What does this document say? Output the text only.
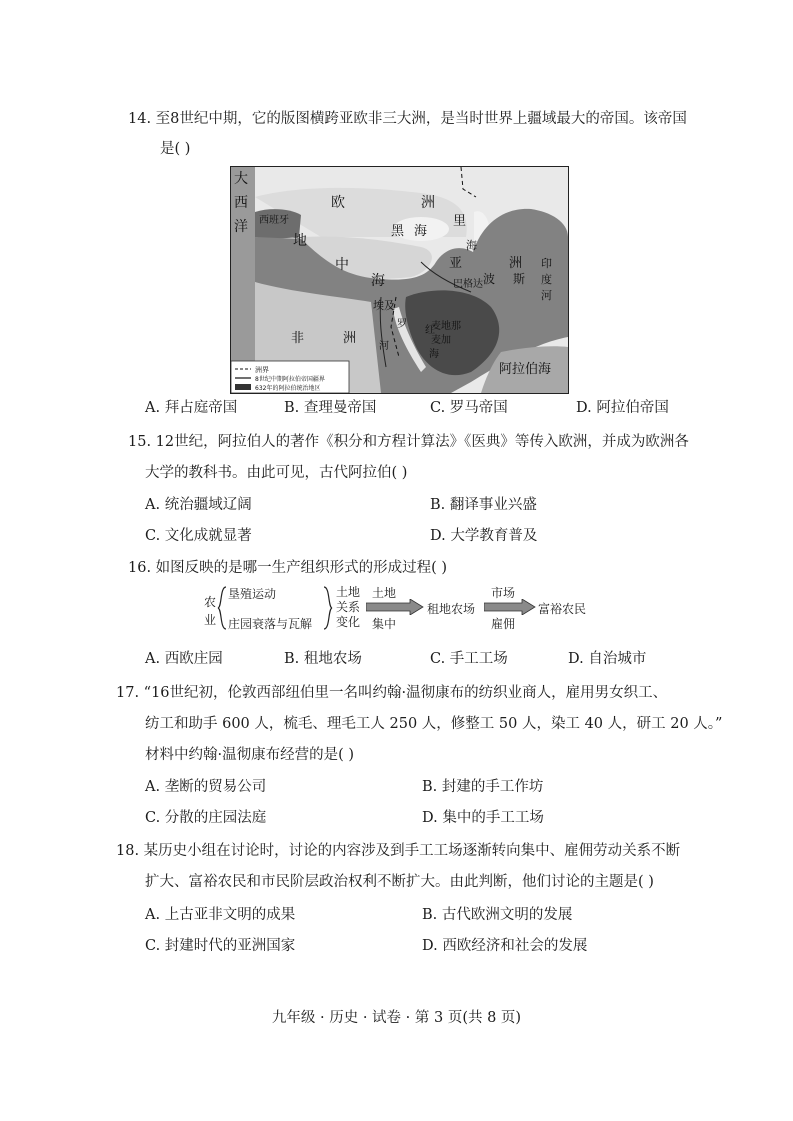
14. 至8世纪中期，它的版图横跨亚欧非三大洲，是当时世界上疆域最大的帝国。该帝国
是( )
大
西
洋 西班牙
地
中
海
欧	洲
黑 海
里
海
亚	洲
巴格达 波 斯
印
度
河
埃及
非	洲
罗
河
红
海
麦地那
麦加
阿拉伯海
洲界
8世纪中期阿拉伯帝国疆界
632年的阿拉伯统治地区
A. 拜占庭帝国	B. 查理曼帝国	C. 罗马帝国	D. 阿拉伯帝国
15. 12世纪，阿拉伯人的著作《积分和方程计算法》《医典》等传入欧洲，并成为欧洲各
大学的教科书。由此可见，古代阿拉伯( )
A. 统治疆域辽阔	B. 翻译事业兴盛
C. 文化成就显著	D. 大学教育普及
16. 如图反映的是哪一生产组织形式的形成过程( )
农
业
垦殖运动
庄园衰落与瓦解
土地
关系
变化
土地
集中
租地农场
市场
雇佣
富裕农民
A. 西欧庄园	B. 租地农场	C. 手工工场	D. 自治城市
17. “16世纪初，伦敦西部纽伯里一名叫约翰·温彻康布的纺织业商人，雇用男女织工、
纺工和助手 600 人，梳毛、理毛工人 250 人，修整工 50 人，染工 40 人，研工 20 人。”
材料中约翰·温彻康布经营的是( )
A. 垄断的贸易公司	B. 封建的手工作坊
C. 分散的庄园法庭	D. 集中的手工工场
18. 某历史小组在讨论时，讨论的内容涉及到手工工场逐渐转向集中、雇佣劳动关系不断
扩大、富裕农民和市民阶层政治权利不断扩大。由此判断，他们讨论的主题是( )
A. 上古亚非文明的成果	B. 古代欧洲文明的发展
C. 封建时代的亚洲国家	D. 西欧经济和社会的发展
九年级 · 历史 · 试卷 · 第 3 页(共 8 页)
